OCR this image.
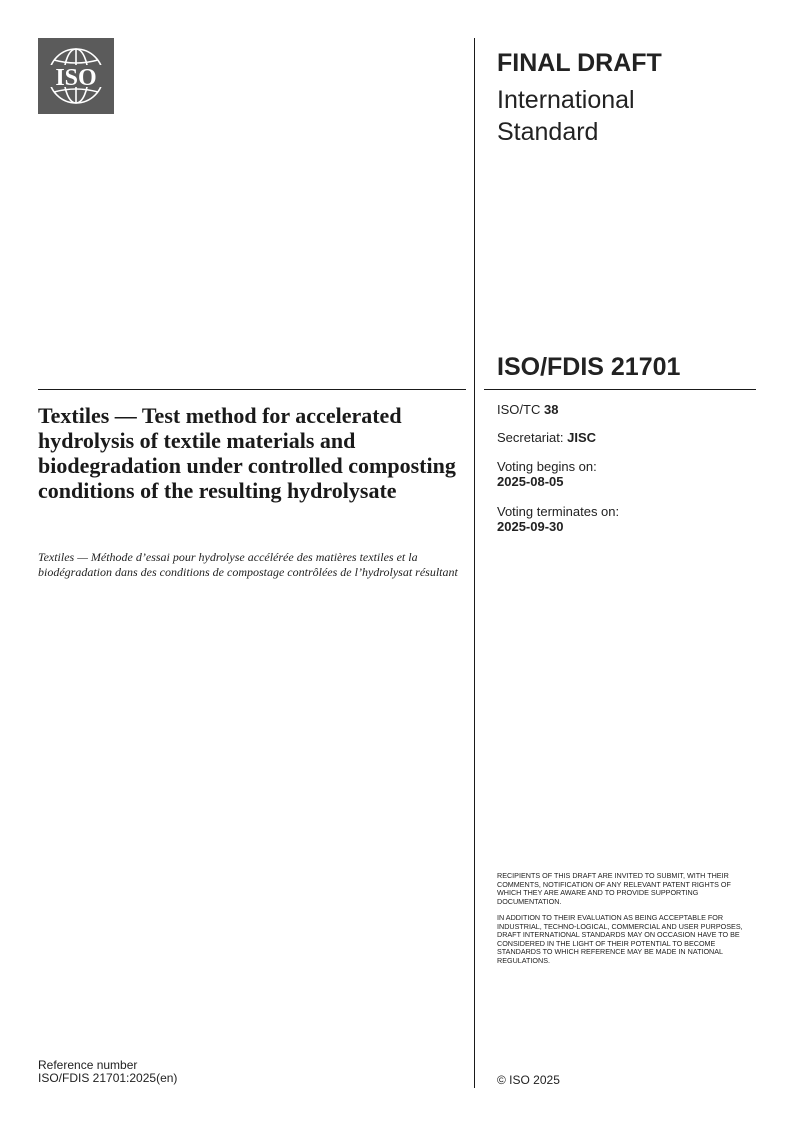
ISO
FINAL DRAFT
International
Standard
ISO/FDIS 21701
Textiles — Test method for accelerated hydrolysis of textile materials and biodegradation under controlled composting conditions of the resulting hydrolysate
Textiles — Méthode d’essai pour hydrolyse accélérée des matières textiles et la biodégradation dans des conditions de compostage contrôlées de l’hydrolysat résultant
ISO/TC 38
Secretariat: JISC
Voting begins on:
2025-08-05
Voting terminates on:
2025-09-30
RECIPIENTS OF THIS DRAFT ARE INVITED TO SUBMIT, WITH THEIR COMMENTS, NOTIFICATION OF ANY RELEVANT PATENT RIGHTS OF WHICH THEY ARE AWARE AND TO PROVIDE SUPPORTING DOCUMENTATION.
IN ADDITION TO THEIR EVALUATION AS BEING ACCEPTABLE FOR INDUSTRIAL, TECHNO-LOGICAL, COMMERCIAL AND USER PURPOSES, DRAFT INTERNATIONAL STANDARDS MAY ON OCCASION HAVE TO BE CONSIDERED IN THE LIGHT OF THEIR POTENTIAL TO BECOME STANDARDS TO WHICH REFERENCE MAY BE MADE IN NATIONAL REGULATIONS.
Reference number
ISO/FDIS 21701:2025(en)	© ISO 2025
